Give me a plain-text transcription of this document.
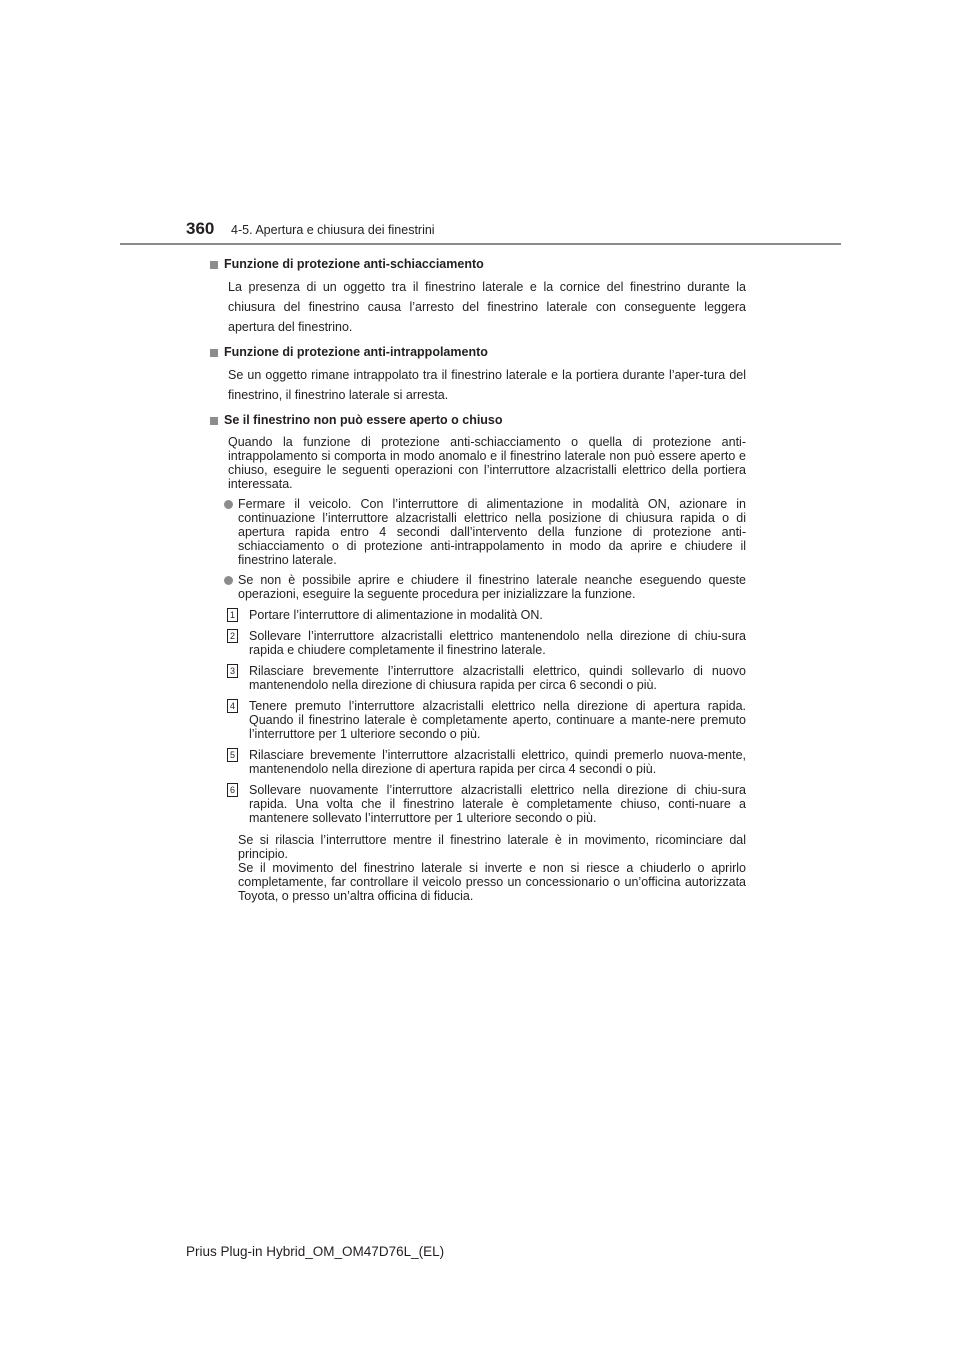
360 4-5. Apertura e chiusura dei finestrini
Funzione di protezione anti-schiacciamento
La presenza di un oggetto tra il finestrino laterale e la cornice del finestrino durante la chiusura del finestrino causa l’arresto del finestrino laterale con conseguente leggera apertura del finestrino.
Funzione di protezione anti-intrappolamento
Se un oggetto rimane intrappolato tra il finestrino laterale e la portiera durante l’aper-tura del finestrino, il finestrino laterale si arresta.
Se il finestrino non può essere aperto o chiuso
Quando la funzione di protezione anti-schiacciamento o quella di protezione anti-intrappolamento si comporta in modo anomalo e il finestrino laterale non può essere aperto e chiuso, eseguire le seguenti operazioni con l’interruttore alzacristalli elettrico della portiera interessata.
Fermare il veicolo. Con l’interruttore di alimentazione in modalità ON, azionare in continuazione l’interruttore alzacristalli elettrico nella posizione di chiusura rapida o di apertura rapida entro 4 secondi dall’intervento della funzione di protezione anti-schiacciamento o di protezione anti-intrappolamento in modo da aprire e chiudere il finestrino laterale.
Se non è possibile aprire e chiudere il finestrino laterale neanche eseguendo queste operazioni, eseguire la seguente procedura per inizializzare la funzione.
1 Portare l’interruttore di alimentazione in modalità ON.
2 Sollevare l’interruttore alzacristalli elettrico mantenendolo nella direzione di chiu-sura rapida e chiudere completamente il finestrino laterale.
3 Rilasciare brevemente l’interruttore alzacristalli elettrico, quindi sollevarlo di nuovo mantenendolo nella direzione di chiusura rapida per circa 6 secondi o più.
4 Tenere premuto l’interruttore alzacristalli elettrico nella direzione di apertura rapida. Quando il finestrino laterale è completamente aperto, continuare a mante-nere premuto l’interruttore per 1 ulteriore secondo o più.
5 Rilasciare brevemente l’interruttore alzacristalli elettrico, quindi premerlo nuova-mente, mantenendolo nella direzione di apertura rapida per circa 4 secondi o più.
6 Sollevare nuovamente l’interruttore alzacristalli elettrico nella direzione di chiu-sura rapida. Una volta che il finestrino laterale è completamente chiuso, conti-nuare a mantenere sollevato l’interruttore per 1 ulteriore secondo o più.

Se si rilascia l’interruttore mentre il finestrino laterale è in movimento, ricominciare dal principio.

Se il movimento del finestrino laterale si inverte e non si riesce a chiuderlo o aprirlo completamente, far controllare il veicolo presso un concessionario o un’officina autorizzata Toyota, o presso un’altra officina di fiducia.

Prius Plug-in Hybrid_OM_OM47D76L_(EL)
